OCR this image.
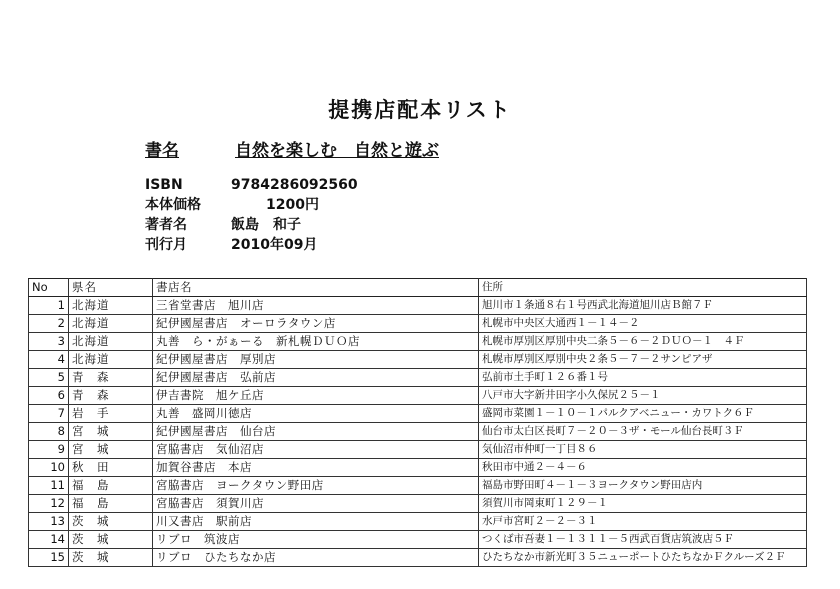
提携店配本リスト
書名	自然を楽しむ　自然と遊ぶ
ISBN	9784286092560
本体価格	1200円
著者名	飯島　和子
刊行月	2010年09月
No	県名		書店名	住所
1	北海道		三省堂書店　旭川店	旭川市１条通８右１号西武北海道旭川店Ｂ館７Ｆ
2	北海道		紀伊國屋書店　オーロラタウン店	札幌市中央区大通西１－１４－２
3	北海道		丸善　ら・がぁーる　新札幌ＤＵＯ店	札幌市厚別区厚別中央二条５－６－２ＤＵＯ－１　４Ｆ
4	北海道		紀伊國屋書店　厚別店	札幌市厚別区厚別中央２条５－７－２サンピアザ
5	青　森		紀伊國屋書店　弘前店	弘前市土手町１２６番１号
6	青　森		伊吉書院　旭ケ丘店	八戸市大字新井田字小久保尻２５－１
7	岩　手		丸善　盛岡川徳店	盛岡市菜園１－１０－１パルクアベニュー・カワトク６Ｆ
8	宮　城		紀伊國屋書店　仙台店	仙台市太白区長町７－２０－３ザ・モール仙台長町３Ｆ
9	宮　城		宮脇書店　気仙沼店	気仙沼市仲町一丁目８６
10	秋　田		加賀谷書店　本店	秋田市中通２－４－６
11	福　島		宮脇書店　ヨークタウン野田店	福島市野田町４－１－３ヨークタウン野田店内
12	福　島		宮脇書店　須賀川店	須賀川市岡東町１２９－１
13	茨　城		川又書店　駅前店	水戸市宮町２－２－３１
14	茨　城		リブロ　筑波店	つくば市吾妻１－１３１１－５西武百貨店筑波店５Ｆ
15	茨　城		リブロ　ひたちなか店	ひたちなか市新光町３５ニューポートひたちなかＦクルーズ２Ｆ
